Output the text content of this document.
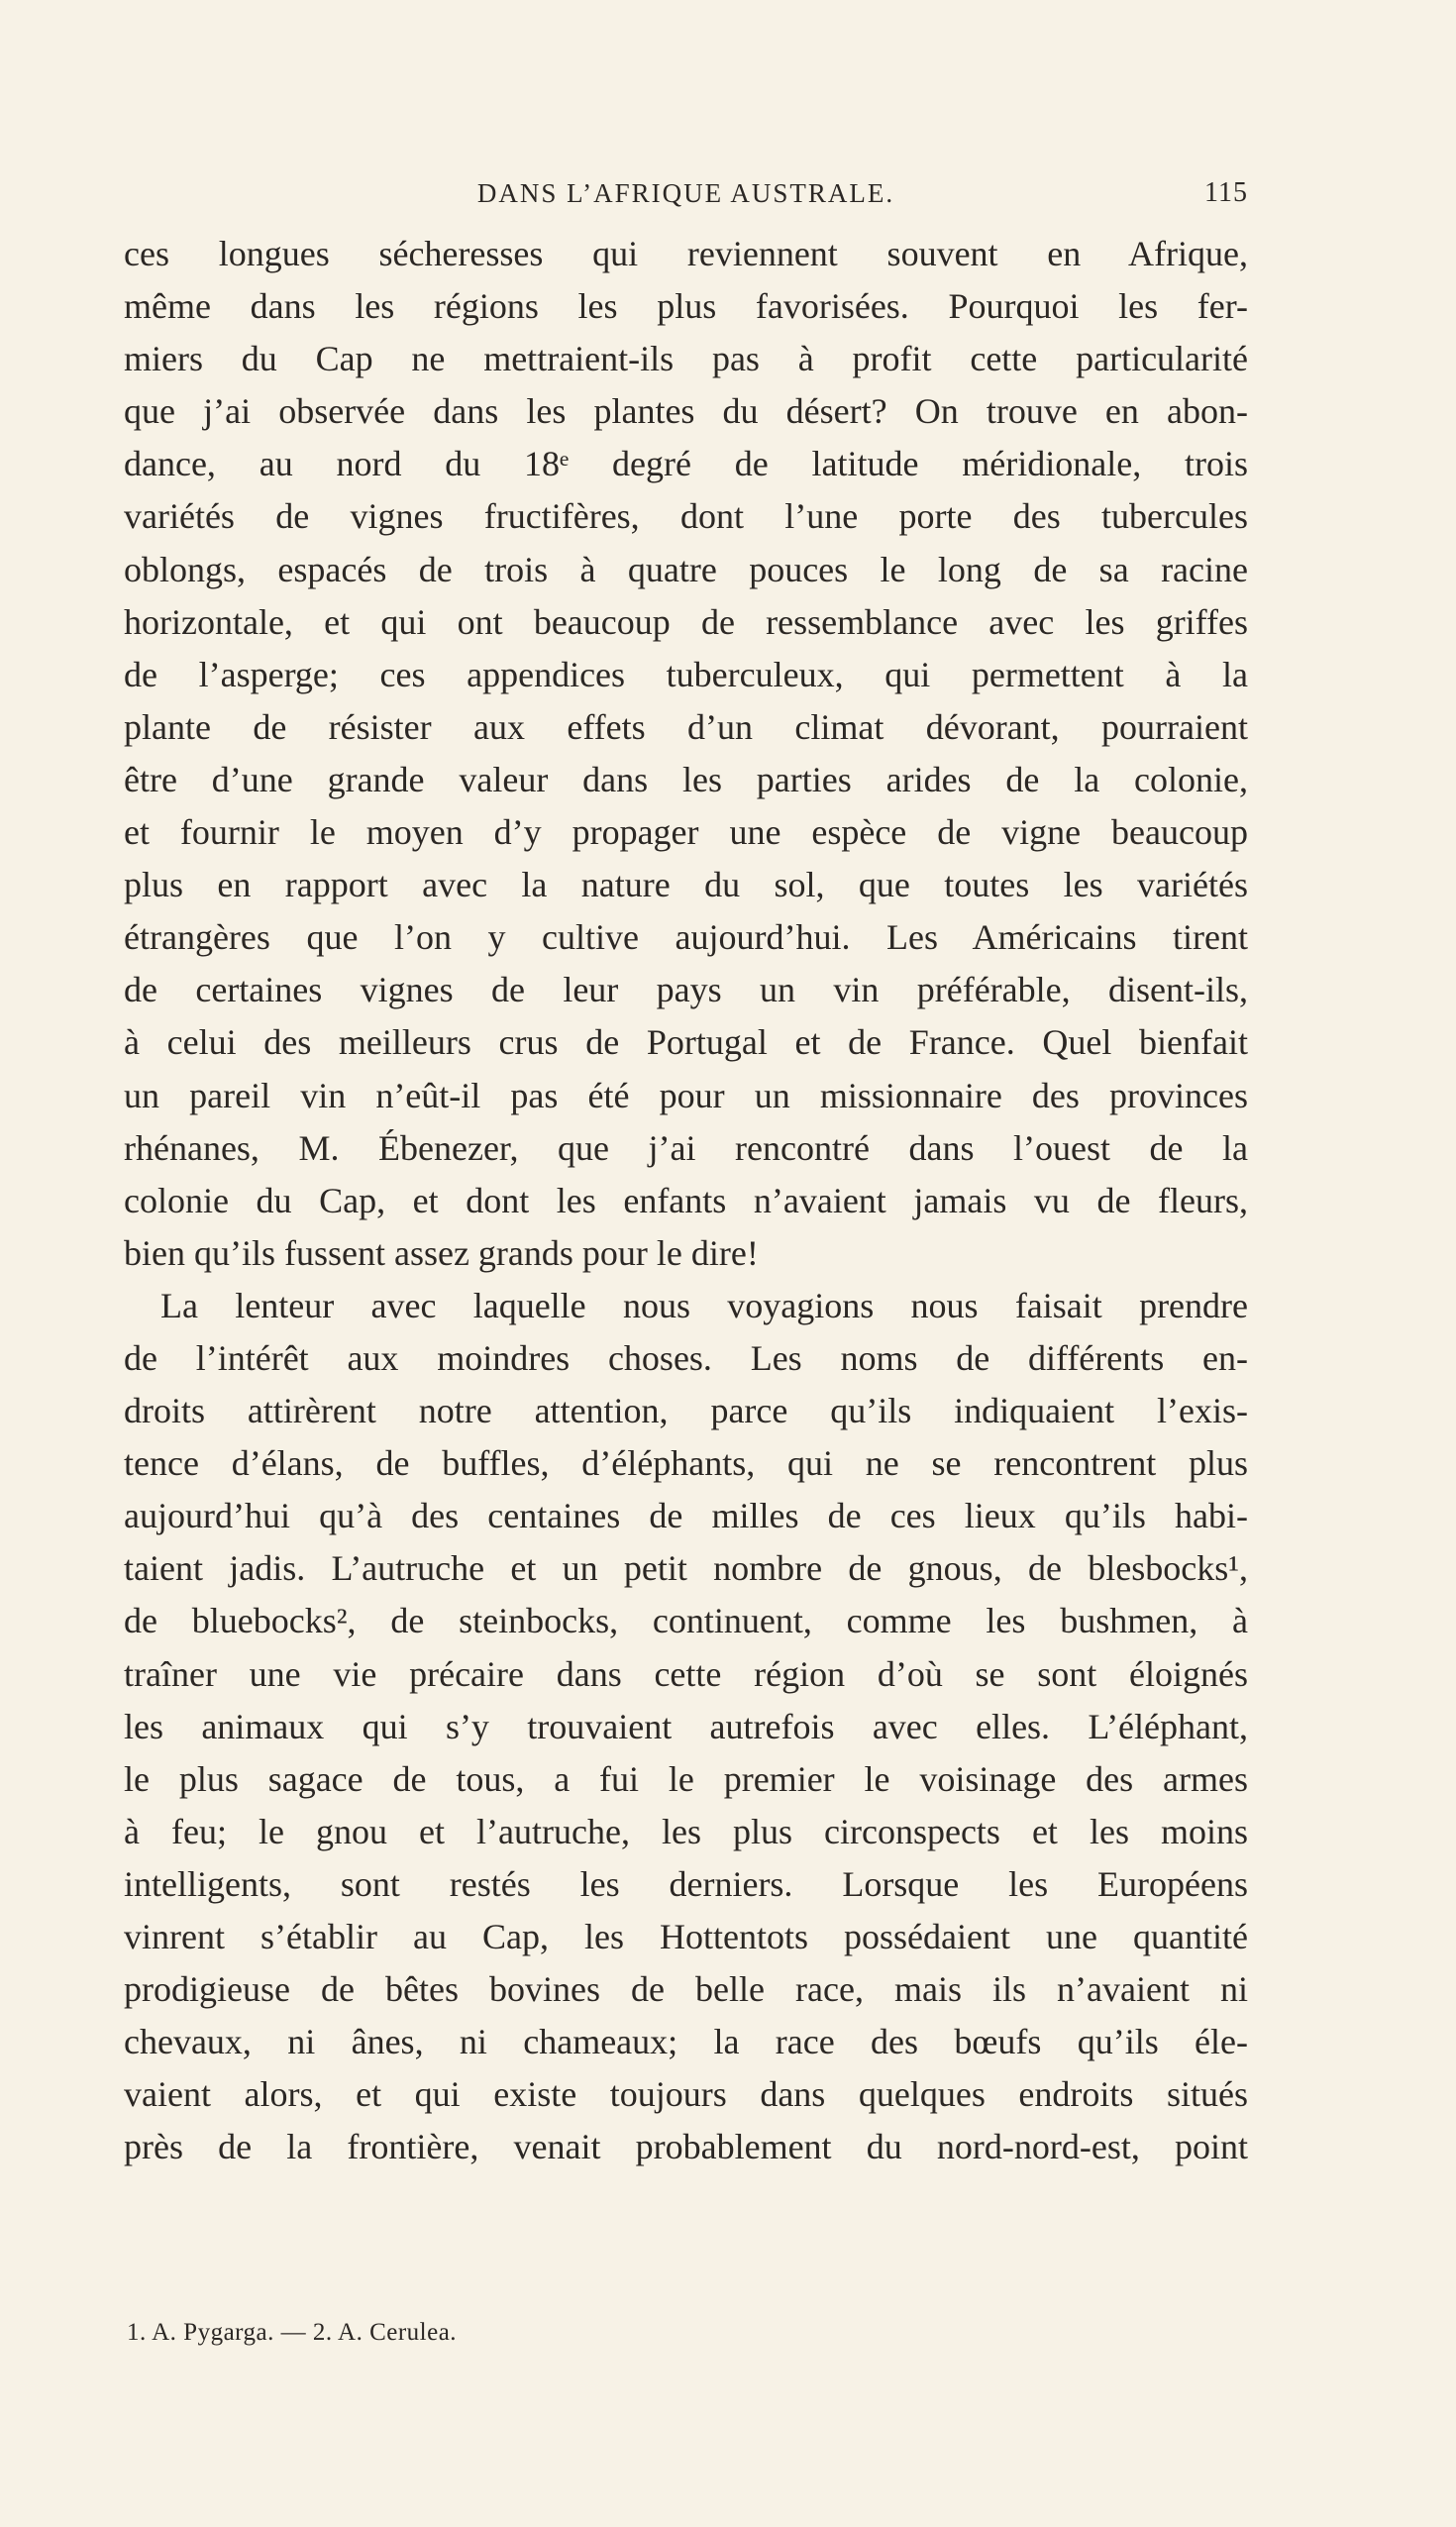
DANS L’AFRIQUE AUSTRALE.	115
ces longues sécheresses qui reviennent souvent en Afrique,
même dans les régions les plus favorisées. Pourquoi les fer-
miers du Cap ne mettraient-ils pas à profit cette particularité
que j’ai observée dans les plantes du désert? On trouve en abon-
dance, au nord du 18ᵉ degré de latitude méridionale, trois
variétés de vignes fructifères, dont l’une porte des tubercules
oblongs, espacés de trois à quatre pouces le long de sa racine
horizontale, et qui ont beaucoup de ressemblance avec les griffes
de l’asperge; ces appendices tuberculeux, qui permettent à la
plante de résister aux effets d’un climat dévorant, pourraient
être d’une grande valeur dans les parties arides de la colonie,
et fournir le moyen d’y propager une espèce de vigne beaucoup
plus en rapport avec la nature du sol, que toutes les variétés
étrangères que l’on y cultive aujourd’hui. Les Américains tirent
de certaines vignes de leur pays un vin préférable, disent-ils,
à celui des meilleurs crus de Portugal et de France. Quel bienfait
un pareil vin n’eût-il pas été pour un missionnaire des provinces
rhénanes, M. Ébenezer, que j’ai rencontré dans l’ouest de la
colonie du Cap, et dont les enfants n’avaient jamais vu de fleurs,
bien qu’ils fussent assez grands pour le dire!
La lenteur avec laquelle nous voyagions nous faisait prendre
de l’intérêt aux moindres choses. Les noms de différents en-
droits attirèrent notre attention, parce qu’ils indiquaient l’exis-
tence d’élans, de buffles, d’éléphants, qui ne se rencontrent plus
aujourd’hui qu’à des centaines de milles de ces lieux qu’ils habi-
taient jadis. L’autruche et un petit nombre de gnous, de blesbocks¹,
de bluebocks², de steinbocks, continuent, comme les bushmen, à
traîner une vie précaire dans cette région d’où se sont éloignés
les animaux qui s’y trouvaient autrefois avec elles. L’éléphant,
le plus sagace de tous, a fui le premier le voisinage des armes
à feu; le gnou et l’autruche, les plus circonspects et les moins
intelligents, sont restés les derniers. Lorsque les Européens
vinrent s’établir au Cap, les Hottentots possédaient une quantité
prodigieuse de bêtes bovines de belle race, mais ils n’avaient ni
chevaux, ni ânes, ni chameaux; la race des bœufs qu’ils éle-
vaient alors, et qui existe toujours dans quelques endroits situés
près de la frontière, venait probablement du nord-nord-est, point
1. A. Pygarga. — 2. A. Cerulea.
